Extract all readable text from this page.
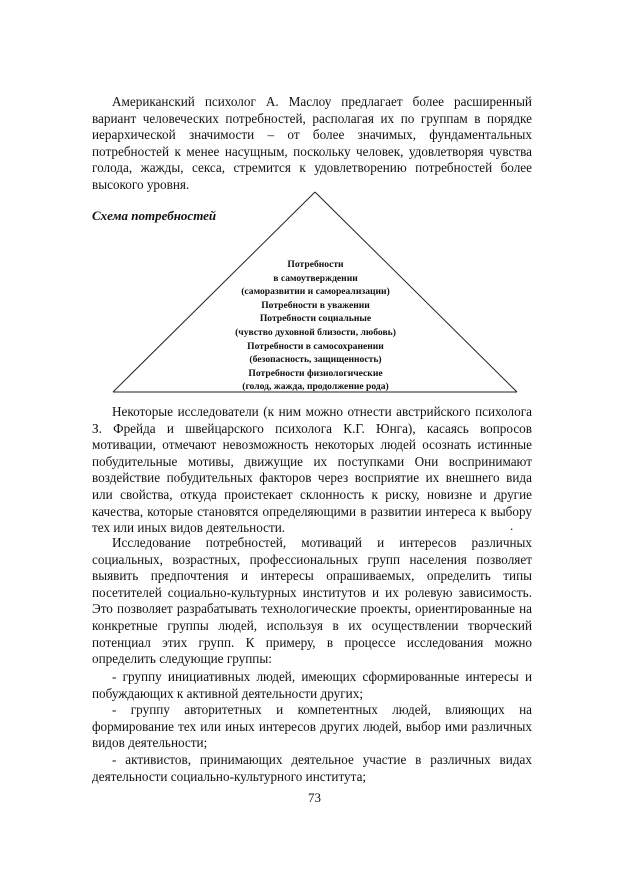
Американский психолог А. Маслоу предлагает более расширенный вариант человеческих потребностей, располагая их по группам в порядке иерархической значимости – от более значимых, фундаментальных потребностей к менее насущным, поскольку человек, удовлетворяя чувства голода, жажды, секса, стремится к удовлетворению потребностей более высокого уровня.

Схема потребностей
Потребности
в самоутверждении
(саморазвитии и самореализации)
Потребности в уважении
Потребности социальные
(чувство духовной близости, любовь)
Потребности в самосохранении
(безопасность, защищенность)
Потребности физиологические
(голод, жажда, продолжение рода)

Некоторые исследователи (к ним можно отнести австрийского психолога З. Фрейда и швейцарского психолога К.Г. Юнга), касаясь вопросов мотивации, отмечают невозможность некоторых людей осознать истинные побудительные мотивы, движущие их поступками Они воспринимают воздействие побудительных факторов через восприятие их внешнего вида или свойства, откуда проистекает склонность к риску, новизне и другие качества, которые становятся определяющими в развитии интереса к выбору тех или иных видов деятельности.	.

Исследование потребностей, мотиваций и интересов различных социальных, возрастных, профессиональных групп населения позволяет выявить предпочтения и интересы опрашиваемых, определить типы посетителей социально-культурных институтов и их ролевую зависимость. Это позволяет разрабатывать технологические проекты, ориентированные на конкретные группы людей, используя в их осуществлении творческий потенциал этих групп. К примеру, в процессе исследования можно определить следующие группы:

- группу инициативных людей, имеющих сформированные интересы и побуждающих к активной деятельности других;

- группу авторитетных и компетентных людей, влияющих на формирование тех или иных интересов других людей, выбор ими различных видов деятельности;

- активистов, принимающих деятельное участие в различных видах деятельности социально-культурного института;

73
